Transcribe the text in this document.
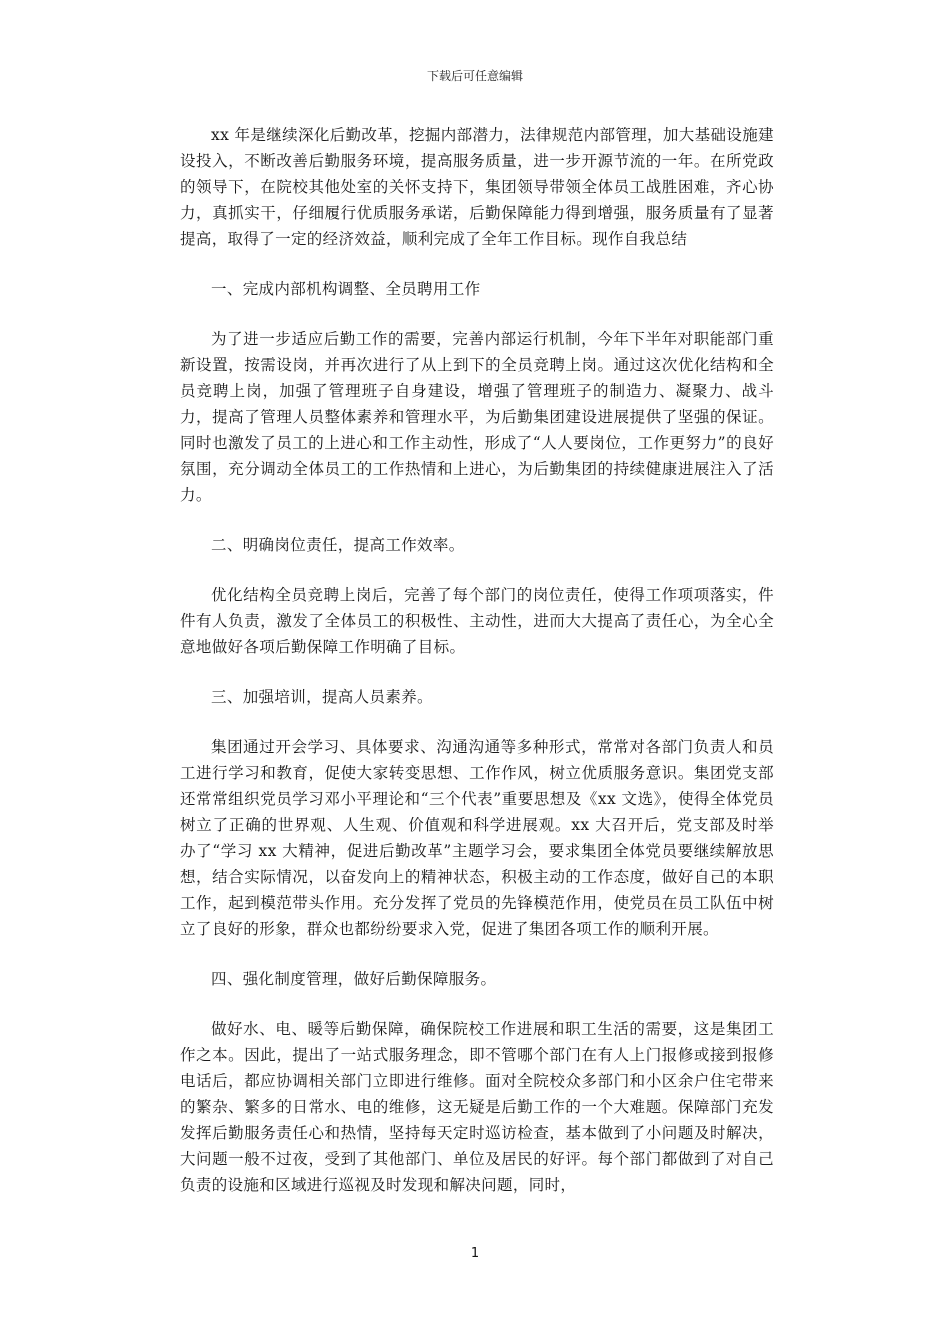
下载后可任意编辑

xx 年是继续深化后勤改革，挖掘内部潜力，法律规范内部管理，加大基础设施建设投入，不断改善后勤服务环境，提高服务质量，进一步开源节流的一年。在所党政的领导下，在院校其他处室的关怀支持下，集团领导带领全体员工战胜困难，齐心协力，真抓实干，仔细履行优质服务承诺，后勤保障能力得到增强，服务质量有了显著提高，取得了一定的经济效益，顺利完成了全年工作目标。现作自我总结

一、完成内部机构调整、全员聘用工作

为了进一步适应后勤工作的需要，完善内部运行机制，今年下半年对职能部门重新设置，按需设岗，并再次进行了从上到下的全员竞聘上岗。通过这次优化结构和全员竞聘上岗，加强了管理班子自身建设，增强了管理班子的制造力、凝聚力、战斗力，提高了管理人员整体素养和管理水平，为后勤集团建设进展提供了坚强的保证。同时也激发了员工的上进心和工作主动性，形成了“人人要岗位，工作更努力”的良好氛围，充分调动全体员工的工作热情和上进心，为后勤集团的持续健康进展注入了活力。

二、明确岗位责任，提高工作效率。

优化结构全员竞聘上岗后，完善了每个部门的岗位责任，使得工作项项落实，件件有人负责，激发了全体员工的积极性、主动性，进而大大提高了责任心，为全心全意地做好各项后勤保障工作明确了目标。

三、加强培训，提高人员素养。

集团通过开会学习、具体要求、沟通沟通等多种形式，常常对各部门负责人和员工进行学习和教育，促使大家转变思想、工作作风，树立优质服务意识。集团党支部还常常组织党员学习邓小平理论和“三个代表”重要思想及《xx 文选》，使得全体党员树立了正确的世界观、人生观、价值观和科学进展观。xx 大召开后，党支部及时举办了“学习 xx 大精神，促进后勤改革”主题学习会，要求集团全体党员要继续解放思想，结合实际情况，以奋发向上的精神状态，积极主动的工作态度，做好自己的本职工作，起到模范带头作用。充分发挥了党员的先锋模范作用，使党员在员工队伍中树立了良好的形象，群众也都纷纷要求入党，促进了集团各项工作的顺利开展。

四、强化制度管理，做好后勤保障服务。

做好水、电、暖等后勤保障，确保院校工作进展和职工生活的需要，这是集团工作之本。因此，提出了一站式服务理念，即不管哪个部门在有人上门报修或接到报修电话后，都应协调相关部门立即进行维修。面对全院校众多部门和小区余户住宅带来的繁杂、繁多的日常水、电的维修，这无疑是后勤工作的一个大难题。保障部门充发发挥后勤服务责任心和热情，坚持每天定时巡访检查，基本做到了小问题及时解决，大问题一般不过夜，受到了其他部门、单位及居民的好评。每个部门都做到了对自己负责的设施和区域进行巡视及时发现和解决问题，同时，

1
